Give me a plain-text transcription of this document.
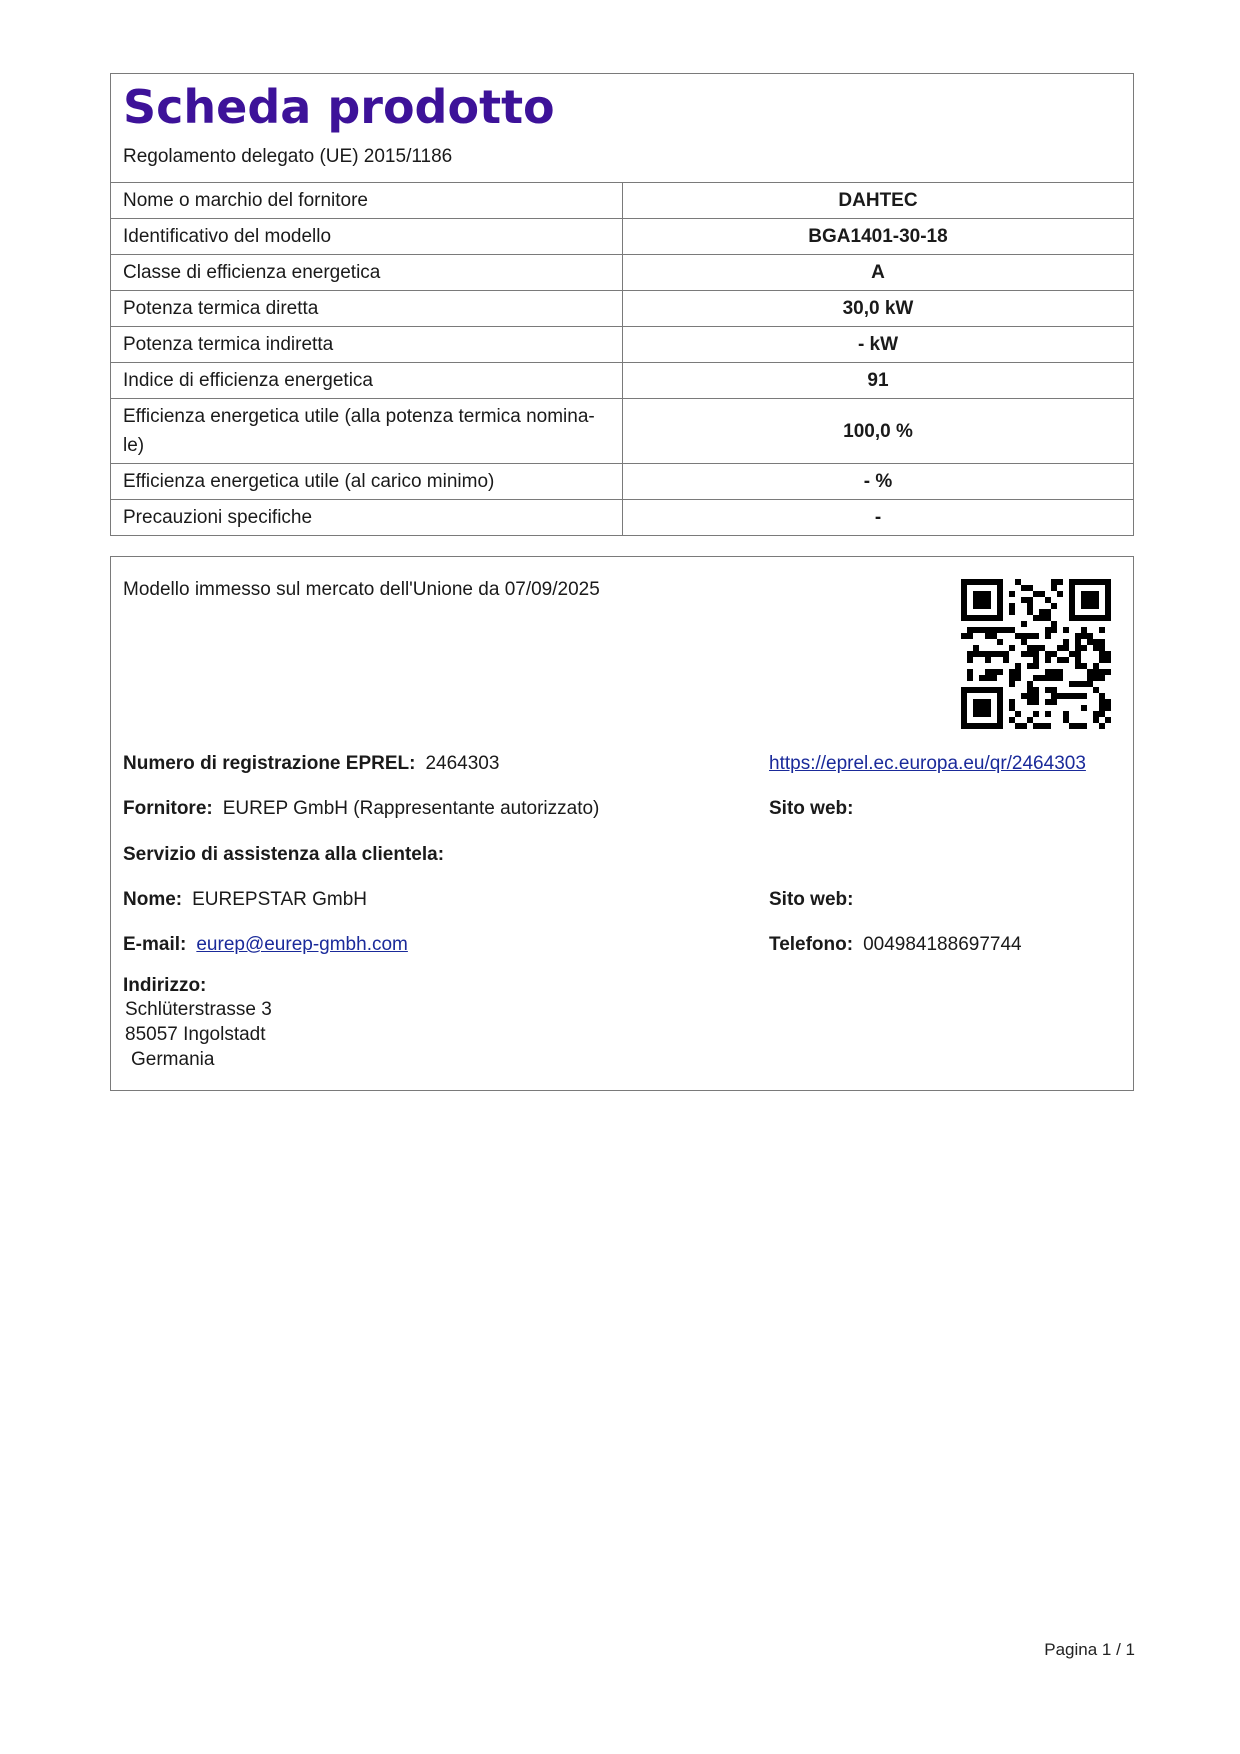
Scheda prodotto
Regolamento delegato (UE) 2015/1186
Nome o marchio del fornitore	DAHTEC
Identificativo del modello	BGA1401-30-18
Classe di efficienza energetica	A
Potenza termica diretta	30,0 kW
Potenza termica indiretta	- kW
Indice di efficienza energetica	91
Efficienza energetica utile (alla potenza termica nomina-le)	100,0 %
Efficienza energetica utile (al carico minimo)	- %
Precauzioni specifiche	-
Modello immesso sul mercato dell'Unione da 07/09/2025
Numero di registrazione EPREL: 2464303	https://eprel.ec.europa.eu/qr/2464303
Fornitore: EUREP GmbH (Rappresentante autorizzato)	Sito web:
Servizio di assistenza alla clientela:
Nome: EUREPSTAR GmbH	Sito web:
E-mail: eurep@eurep-gmbh.com	Telefono: 004984188697744
Indirizzo:
Schlüterstrasse 3
85057 Ingolstadt
Germania
Pagina 1 / 1
